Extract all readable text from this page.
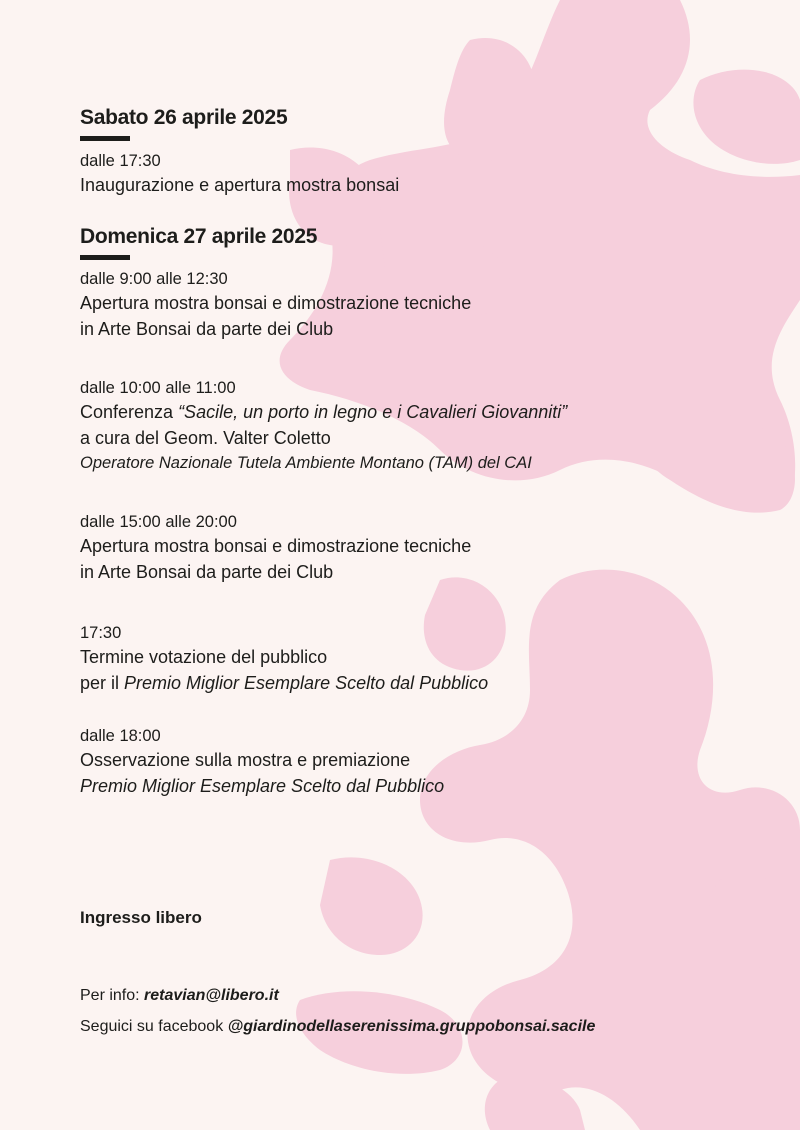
Sabato 26 aprile 2025
dalle 17:30
Inaugurazione e apertura mostra bonsai
Domenica 27 aprile 2025
dalle 9:00 alle 12:30
Apertura mostra bonsai e dimostrazione tecniche
in Arte Bonsai da parte dei Club
dalle 10:00 alle 11:00
Conferenza “Sacile, un porto in legno e i Cavalieri Giovanniti”
a cura del Geom. Valter Coletto
Operatore Nazionale Tutela Ambiente Montano (TAM) del CAI
dalle 15:00 alle 20:00
Apertura mostra bonsai e dimostrazione tecniche
in Arte Bonsai da parte dei Club
17:30
Termine votazione del pubblico
per il Premio Miglior Esemplare Scelto dal Pubblico
dalle 18:00
Osservazione sulla mostra e premiazione
Premio Miglior Esemplare Scelto dal Pubblico
Ingresso libero
Per info: retavian@libero.it
Seguici su facebook @giardinodellaserenissima.gruppobonsai.sacile
